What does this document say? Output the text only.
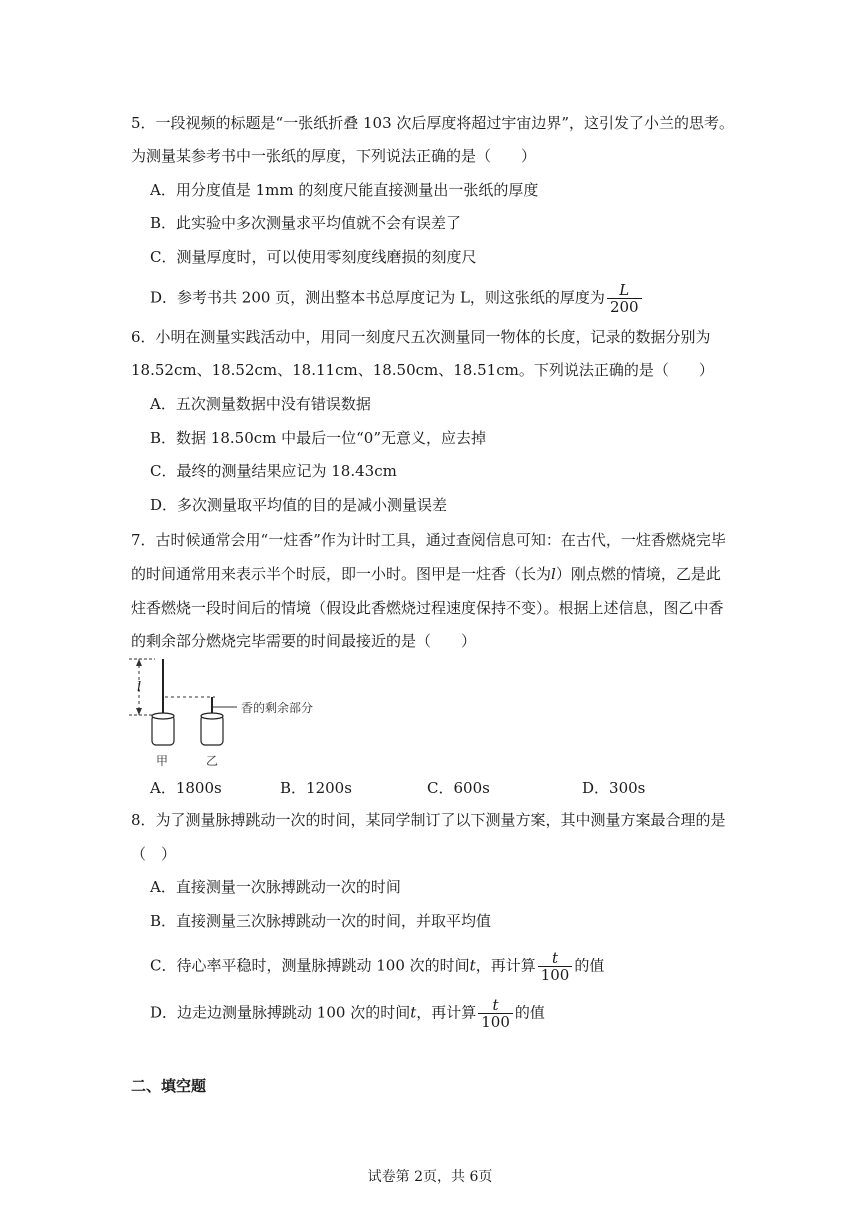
5．一段视频的标题是“一张纸折叠 103 次后厚度将超过宇宙边界”，这引发了小兰的思考。
为测量某参考书中一张纸的厚度，下列说法正确的是（　　）
A．用分度值是 1mm 的刻度尺能直接测量出一张纸的厚度
B．此实验中多次测量求平均值就不会有误差了
C．测量厚度时，可以使用零刻度线磨损的刻度尺
D．参考书共 200 页，测出整本书总厚度记为 L，则这张纸的厚度为 $\frac{L}{200}$
6．小明在测量实践活动中，用同一刻度尺五次测量同一物体的长度，记录的数据分别为
18.52cm、18.52cm、18.11cm、18.50cm、18.51cm。下列说法正确的是（　　）
A．五次测量数据中没有错误数据
B．数据 18.50cm 中最后一位“0”无意义，应去掉
C．最终的测量结果应记为 18.43cm
D．多次测量取平均值的目的是减小测量误差
7．古时候通常会用“一炷香”作为计时工具，通过查阅信息可知：在古代，一炷香燃烧完毕
的时间通常用来表示半个时辰，即一小时。图甲是一炷香（长为l）刚点燃的情境，乙是此
炷香燃烧一段时间后的情境（假设此香燃烧过程速度保持不变）。根据上述信息，图乙中香
的剩余部分燃烧完毕需要的时间最接近的是（　　）
l
香的剩余部分
甲	乙
A．1800s	B．1200s	C．600s	D．300s
8．为了测量脉搏跳动一次的时间，某同学制订了以下测量方案，其中测量方案最合理的是
（　）
A．直接测量一次脉搏跳动一次的时间
B．直接测量三次脉搏跳动一次的时间，并取平均值
C．待心率平稳时，测量脉搏跳动 100 次的时间t，再计算 $\frac{t}{100}$ 的值
D．边走边测量脉搏跳动 100 次的时间t，再计算 $\frac{t}{100}$ 的值
二、填空题
试卷第 2页，共 6页
